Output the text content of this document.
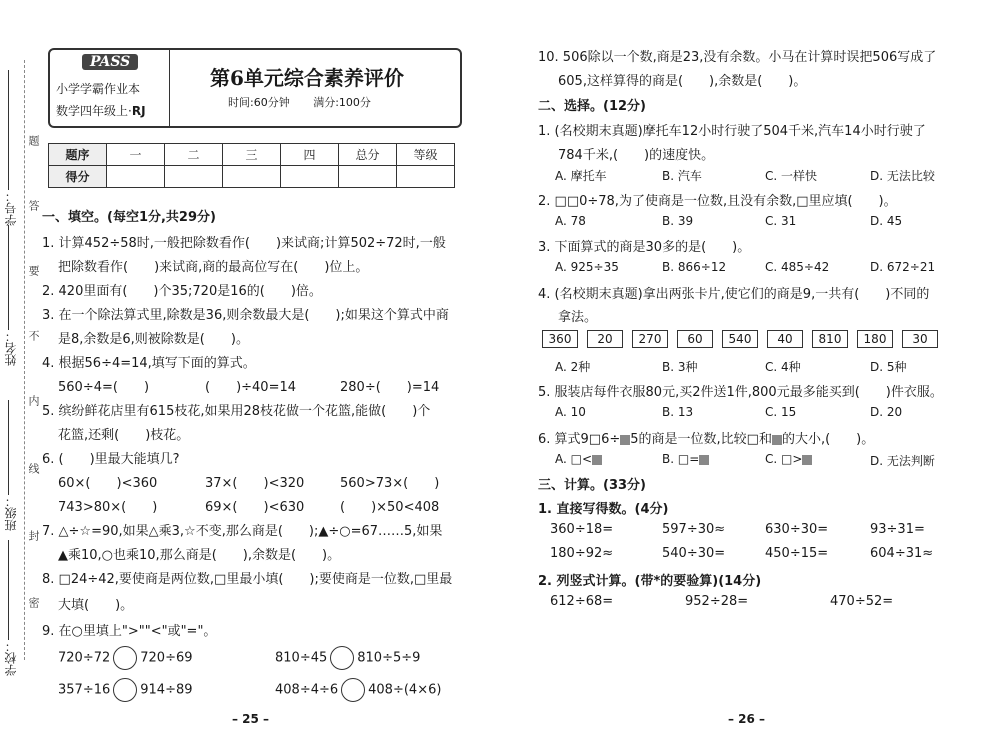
学号：
姓名：
班级：
学校：
题
答
要
不
内
线
封
密
PASS
小学学霸作业本
数学四年级上·RJ
第6单元综合素养评价
时间:60分钟 满分:100分
题序	一	二	三	四	总分	等级
得分						
一、填空。(每空1分,共29分)
1. 计算452÷58时,一般把除数看作(　　)来试商;计算502÷72时,一般
把除数看作(　　)来试商,商的最高位写在(　　)位上。
2. 420里面有(　　)个35;720是16的(　　)倍。
3. 在一个除法算式里,除数是36,则余数最大是(　　);如果这个算式中商
是8,余数是6,则被除数是(　　)。
4. 根据56÷4=14,填写下面的算式。
560÷4=(　　)	(　　)÷40=14	280÷(　　)=14
5. 缤纷鲜花店里有615枝花,如果用28枝花做一个花篮,能做(　　)个
花篮,还剩(　　)枝花。
6. (　　)里最大能填几?
60×(　　)<360	37×(　　)<320	560>73×(　　)
743>80×(　　)	69×(　　)<630	(　　)×50<408
7. △÷☆=90,如果△乘3,☆不变,那么商是(　　);▲÷○=67……5,如果
▲乘10,○也乘10,那么商是(　　),余数是(　　)。
8. □24÷42,要使商是两位数,□里最小填(　　);要使商是一位数,□里最
大填(　　)。
9. 在○里填上">""<"或"="。
720÷72 720÷69	810÷45 810÷5÷9
357÷16 914÷89	408÷4÷6 408÷(4×6)
– 25 –
10. 506除以一个数,商是23,没有余数。小马在计算时误把506写成了
605,这样算得的商是(　　),余数是(　　)。
二、选择。(12分)
1. (名校期末真题)摩托车12小时行驶了504千米,汽车14小时行驶了
784千米,(　　)的速度快。
A. 摩托车	B. 汽车	C. 一样快	D. 无法比较
2. □□0÷78,为了使商是一位数,且没有余数,□里应填(　　)。
A. 78	B. 39	C. 31	D. 45
3. 下面算式的商是30多的是(　　)。
A. 925÷35	B. 866÷12	C. 485÷42	D. 672÷21
4. (名校期末真题)拿出两张卡片,使它们的商是9,一共有(　　)不同的
拿法。
360	20	270	60	540	40	810	180	30
A. 2种	B. 3种	C. 4种	D. 5种
5. 服装店每件衣服80元,买2件送1件,800元最多能买到(　　)件衣服。
A. 10	B. 13	C. 15	D. 20
6. 算式9□6÷ 5的商是一位数,比较□和 的大小,(　　)。
A. □<	B. □=	C. □>	D. 无法判断
三、计算。(33分)
1. 直接写得数。(4分)
360÷18=	597÷30≈	630÷30=	93÷31=
180÷92≈	540÷30=	450÷15=	604÷31≈
2. 列竖式计算。(带*的要验算)(14分)
612÷68=	952÷28=	470÷52=
– 26 –
